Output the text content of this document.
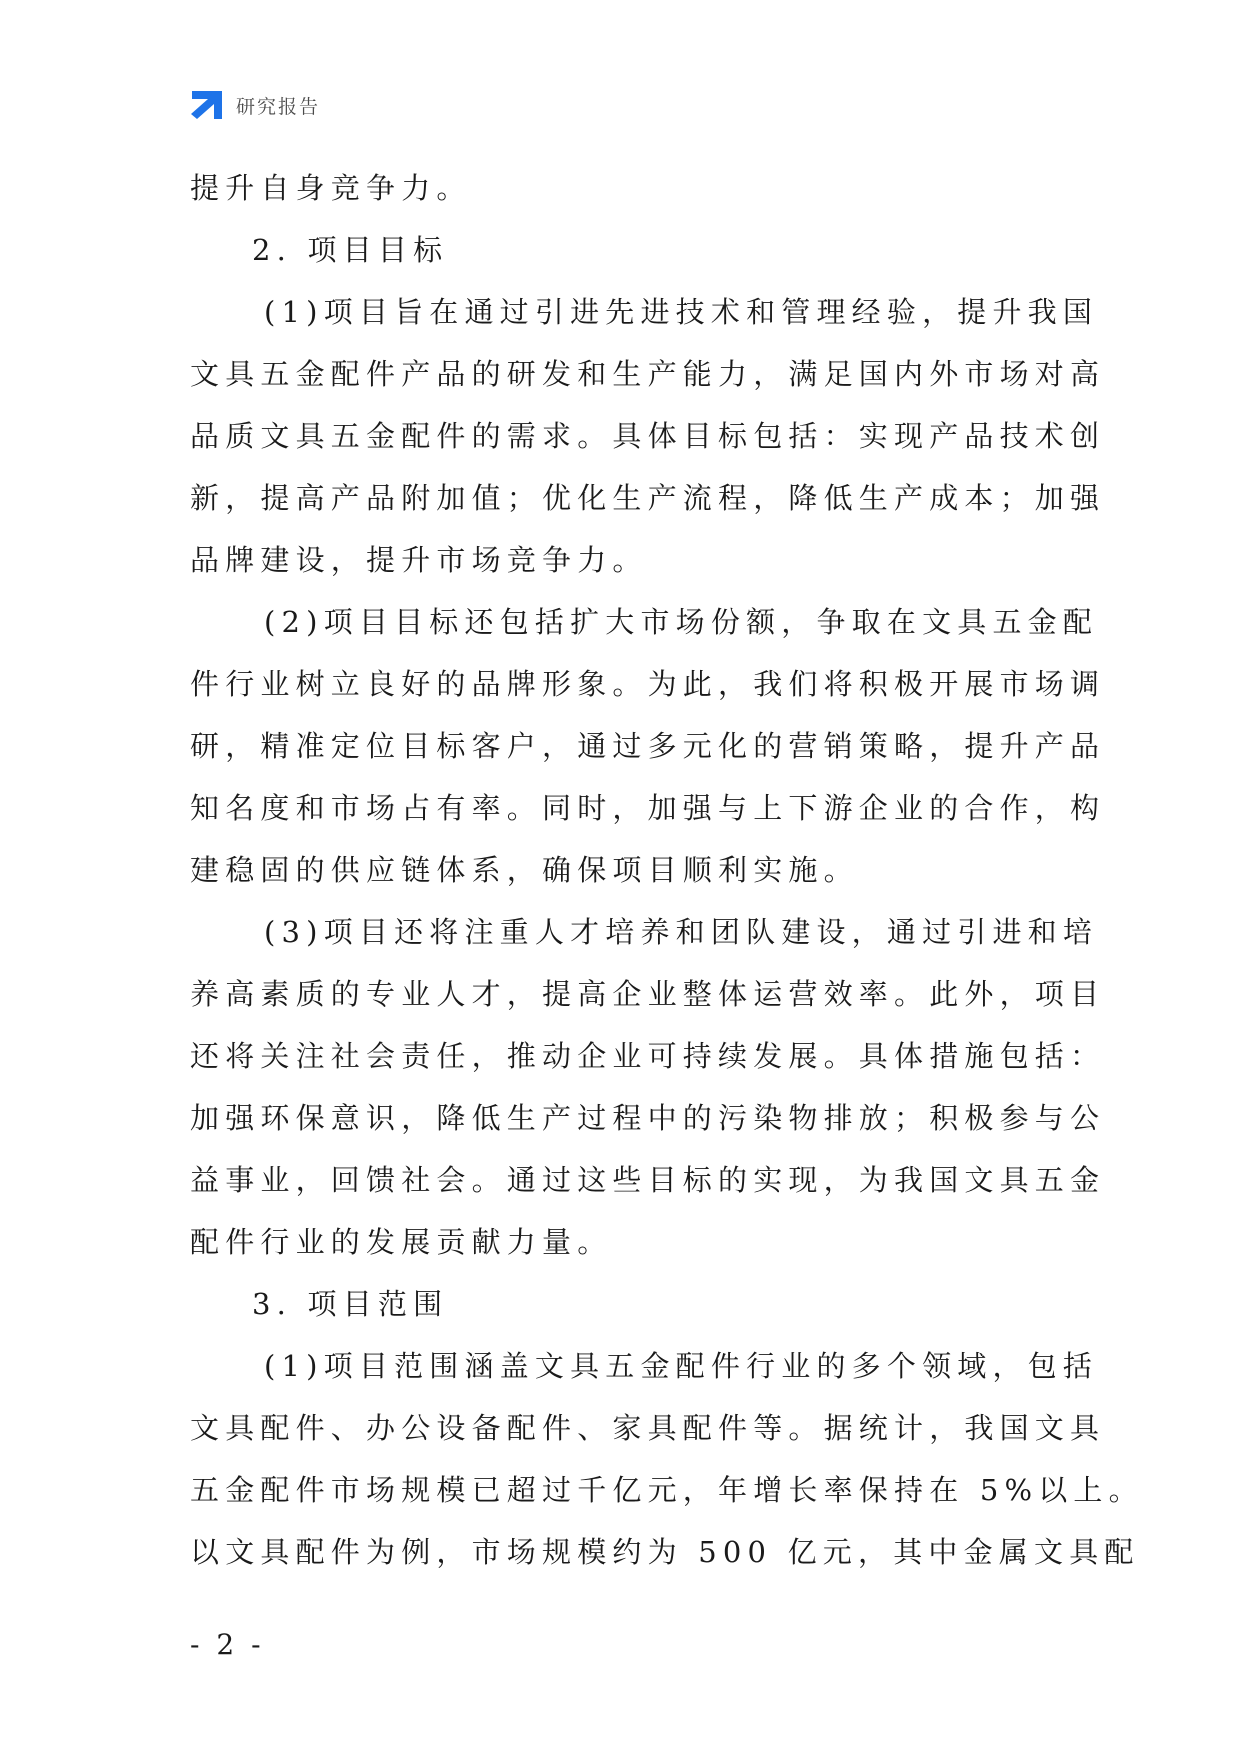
研究报告
提升自身竞争力。
2. 项目目标
(1)项目旨在通过引进先进技术和管理经验，提升我国
文具五金配件产品的研发和生产能力，满足国内外市场对高
品质文具五金配件的需求。具体目标包括：实现产品技术创
新，提高产品附加值；优化生产流程，降低生产成本；加强
品牌建设，提升市场竞争力。
(2)项目目标还包括扩大市场份额，争取在文具五金配
件行业树立良好的品牌形象。为此，我们将积极开展市场调
研，精准定位目标客户，通过多元化的营销策略，提升产品
知名度和市场占有率。同时，加强与上下游企业的合作，构
建稳固的供应链体系，确保项目顺利实施。
(3)项目还将注重人才培养和团队建设，通过引进和培
养高素质的专业人才，提高企业整体运营效率。此外，项目
还将关注社会责任，推动企业可持续发展。具体措施包括：
加强环保意识，降低生产过程中的污染物排放；积极参与公
益事业，回馈社会。通过这些目标的实现，为我国文具五金
配件行业的发展贡献力量。
3. 项目范围
(1)项目范围涵盖文具五金配件行业的多个领域，包括
文具配件、办公设备配件、家具配件等。据统计，我国文具
五金配件市场规模已超过千亿元，年增长率保持在 5%以上。
以文具配件为例，市场规模约为 500 亿元，其中金属文具配
- 2 -
